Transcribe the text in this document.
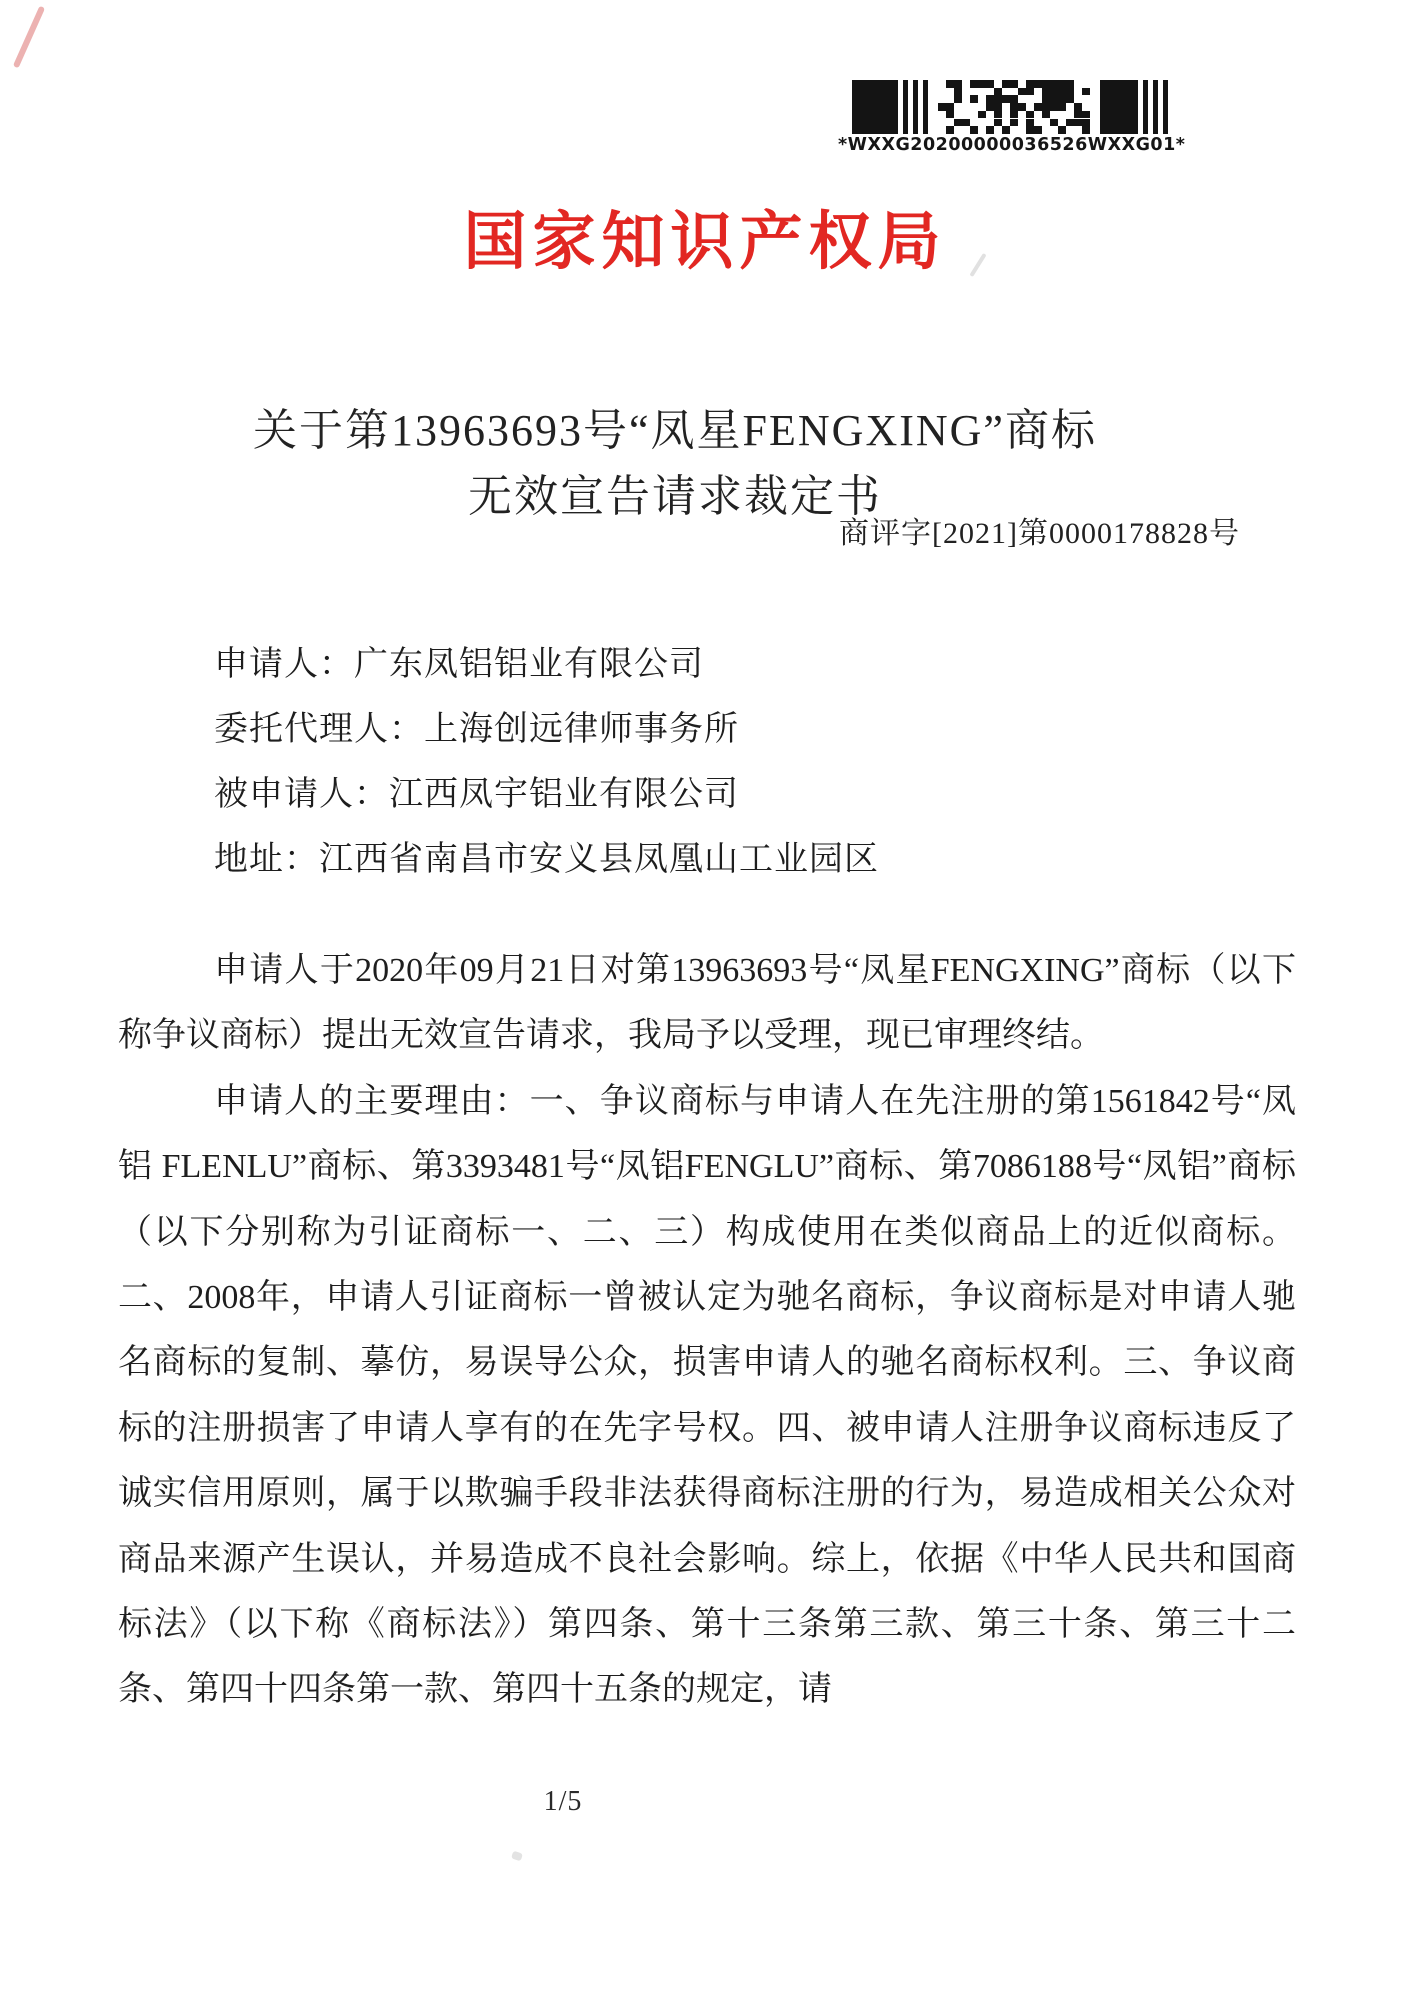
*WXXG20200000036526WXXG01*
国家知识产权局
关于第13963693号“凤星FENGXING”商标
无效宣告请求裁定书
商评字[2021]第0000178828号
申请人：广东凤铝铝业有限公司
委托代理人：上海创远律师事务所
被申请人：江西凤宇铝业有限公司
地址：江西省南昌市安义县凤凰山工业园区

申请人于2020年09月21日对第13963693号“凤星FENGXING”商标（以下称争议商标）提出无效宣告请求，我局予以受理，现已审理终结。

申请人的主要理由：一、争议商标与申请人在先注册的第1561842号“凤铝 FLENLU”商标、第3393481号“凤铝FENGLU”商标、第7086188号“凤铝”商标（以下分别称为引证商标一、二、三）构成使用在类似商品上的近似商标。二、2008年，申请人引证商标一曾被认定为驰名商标，争议商标是对申请人驰名商标的复制、摹仿，易误导公众，损害申请人的驰名商标权利。三、争议商标的注册损害了申请人享有的在先字号权。四、被申请人注册争议商标违反了诚实信用原则，属于以欺骗手段非法获得商标注册的行为，易造成相关公众对商品来源产生误认，并易造成不良社会影响。综上，依据《中华人民共和国商标法》（以下称《商标法》）第四条、第十三条第三款、第三十条、第三十二条、第四十四条第一款、第四十五条的规定，请

1/5
